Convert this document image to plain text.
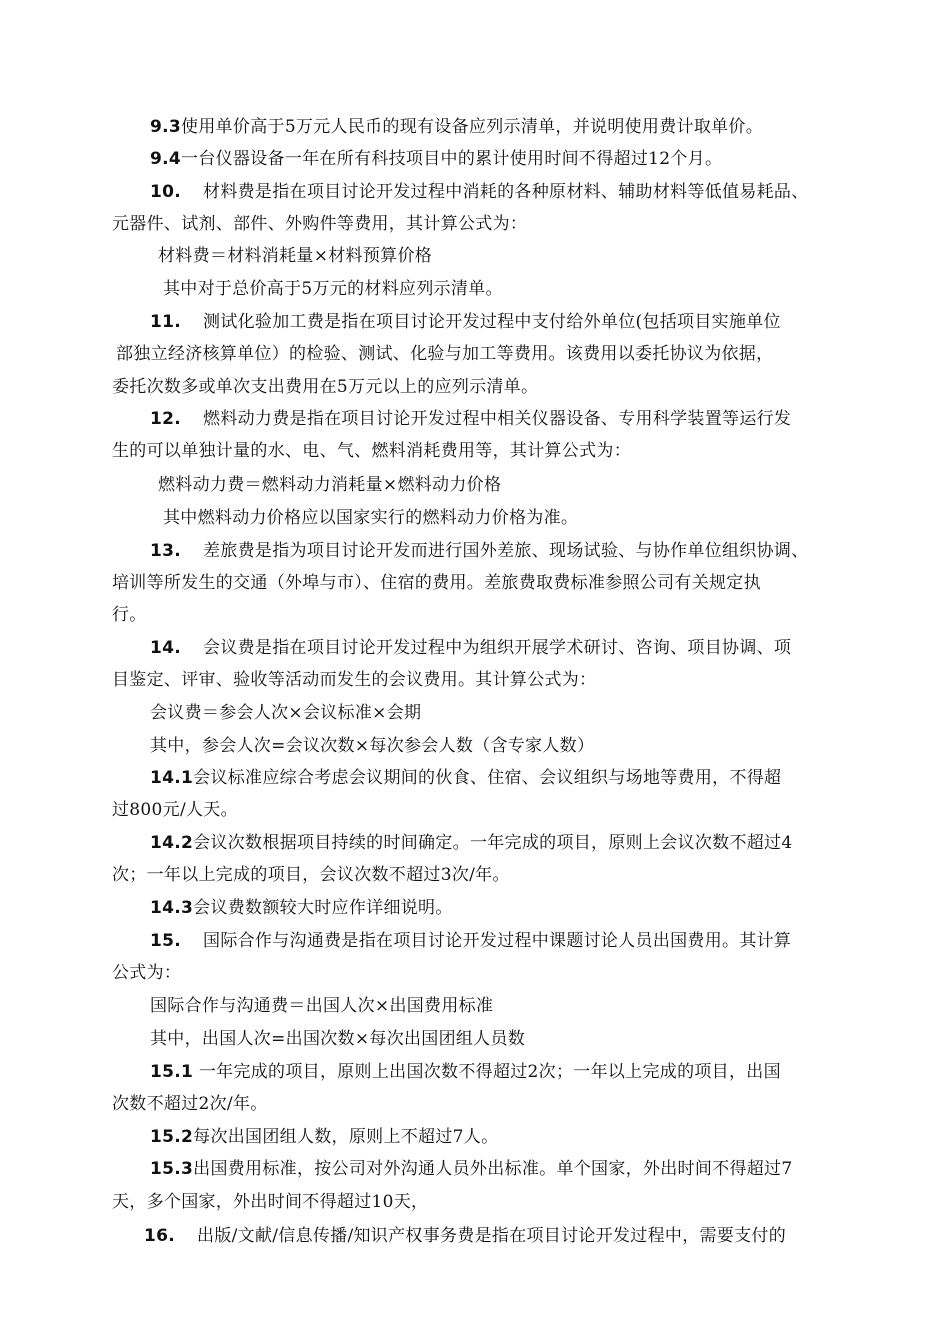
9.3使用单价高于5万元人民币的现有设备应列示清单，并说明使用费计取单价。
9.4一台仪器设备一年在所有科技项目中的累计使用时间不得超过12个月。
10. 材料费是指在项目讨论开发过程中消耗的各种原材料、辅助材料等低值易耗品、
元器件、试剂、部件、外购件等费用，其计算公式为：
材料费＝材料消耗量×材料预算价格
其中对于总价高于5万元的材料应列示清单。
11. 测试化验加工费是指在项目讨论开发过程中支付给外单位(包括项目实施单位
部独立经济核算单位）的检验、测试、化验与加工等费用。该费用以委托协议为依据，
委托次数多或单次支出费用在5万元以上的应列示清单。
12. 燃料动力费是指在项目讨论开发过程中相关仪器设备、专用科学装置等运行发
生的可以单独计量的水、电、气、燃料消耗费用等，其计算公式为：
燃料动力费＝燃料动力消耗量×燃料动力价格
其中燃料动力价格应以国家实行的燃料动力价格为准。
13. 差旅费是指为项目讨论开发而进行国外差旅、现场试验、与协作单位组织协调、
培训等所发生的交通（外埠与市）、住宿的费用。差旅费取费标准参照公司有关规定执
行。
14. 会议费是指在项目讨论开发过程中为组织开展学术研讨、咨询、项目协调、项
目鉴定、评审、验收等活动而发生的会议费用。其计算公式为：
会议费＝参会人次×会议标准×会期
其中，参会人次=会议次数×每次参会人数（含专家人数）
14.1会议标准应综合考虑会议期间的伙食、住宿、会议组织与场地等费用，不得超
过800元/人天。
14.2会议次数根据项目持续的时间确定。一年完成的项目，原则上会议次数不超过4
次；一年以上完成的项目，会议次数不超过3次/年。
14.3会议费数额较大时应作详细说明。
15. 国际合作与沟通费是指在项目讨论开发过程中课题讨论人员出国费用。其计算
公式为：
国际合作与沟通费＝出国人次×出国费用标准
其中，出国人次=出国次数×每次出国团组人员数
15.1 一年完成的项目，原则上出国次数不得超过2次；一年以上完成的项目，出国
次数不超过2次/年。
15.2每次出国团组人数，原则上不超过7人。
15.3出国费用标准，按公司对外沟通人员外出标准。单个国家，外出时间不得超过7
天，多个国家，外出时间不得超过10天，
16. 出版/文献/信息传播/知识产权事务费是指在项目讨论开发过程中，需要支付的
